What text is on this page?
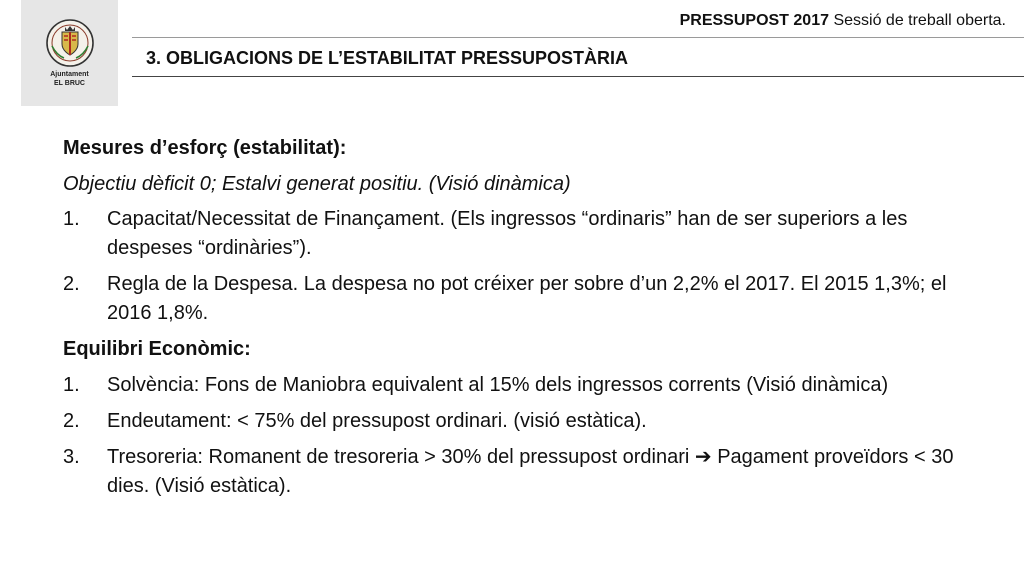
Ajuntament
EL BRUC
PRESSUPOST 2017 Sessió de treball oberta.
3. OBLIGACIONS DE L’ESTABILITAT PRESSUPOSTÀRIA
Mesures d’esforç (estabilitat):
Objectiu dèficit 0; Estalvi generat positiu. (Visió dinàmica)
1.	Capacitat/Necessitat de Finançament. (Els ingressos “ordinaris” han de ser superiors a les despeses “ordinàries”).
2.	Regla de la Despesa. La despesa no pot créixer per sobre d’un 2,2% el 2017. El 2015 1,3%; el 2016 1,8%.
Equilibri Econòmic:
1.	Solvència: Fons de Maniobra equivalent al 15% dels ingressos corrents (Visió dinàmica)
2.	Endeutament: < 75% del pressupost ordinari. (visió estàtica).
3.	Tresoreria: Romanent de tresoreria > 30% del pressupost ordinari ➔ Pagament proveïdors < 30 dies. (Visió estàtica).
